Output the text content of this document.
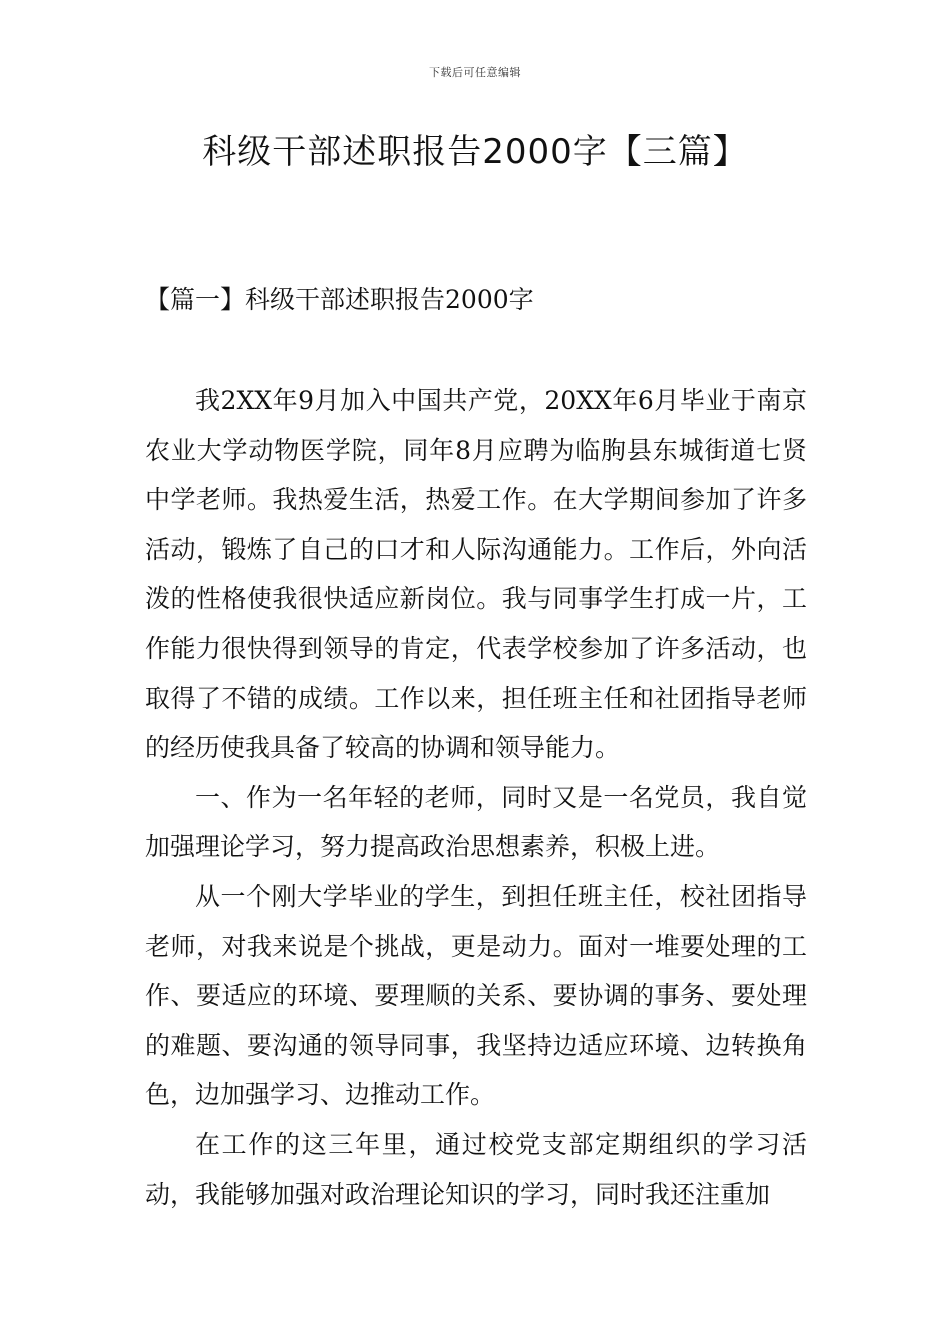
下载后可任意编辑
科级干部述职报告2000字【三篇】
【篇一】科级干部述职报告2000字

我2XX年9月加入中国共产党，20XX年6月毕业于南京农业大学动物医学院，同年8月应聘为临朐县东城街道七贤中学老师。我热爱生活，热爱工作。在大学期间参加了许多活动，锻炼了自己的口才和人际沟通能力。工作后，外向活泼的性格使我很快适应新岗位。我与同事学生打成一片，工作能力很快得到领导的肯定，代表学校参加了许多活动，也取得了不错的成绩。工作以来，担任班主任和社团指导老师的经历使我具备了较高的协调和领导能力。

一、作为一名年轻的老师，同时又是一名党员，我自觉加强理论学习，努力提高政治思想素养，积极上进。

从一个刚大学毕业的学生，到担任班主任，校社团指导老师，对我来说是个挑战，更是动力。面对一堆要处理的工作、要适应的环境、要理顺的关系、要协调的事务、要处理的难题、要沟通的领导同事，我坚持边适应环境、边转换角色，边加强学习、边推动工作。

在工作的这三年里，通过校党支部定期组织的学习活动，我能够加强对政治理论知识的学习，同时我还注重加
